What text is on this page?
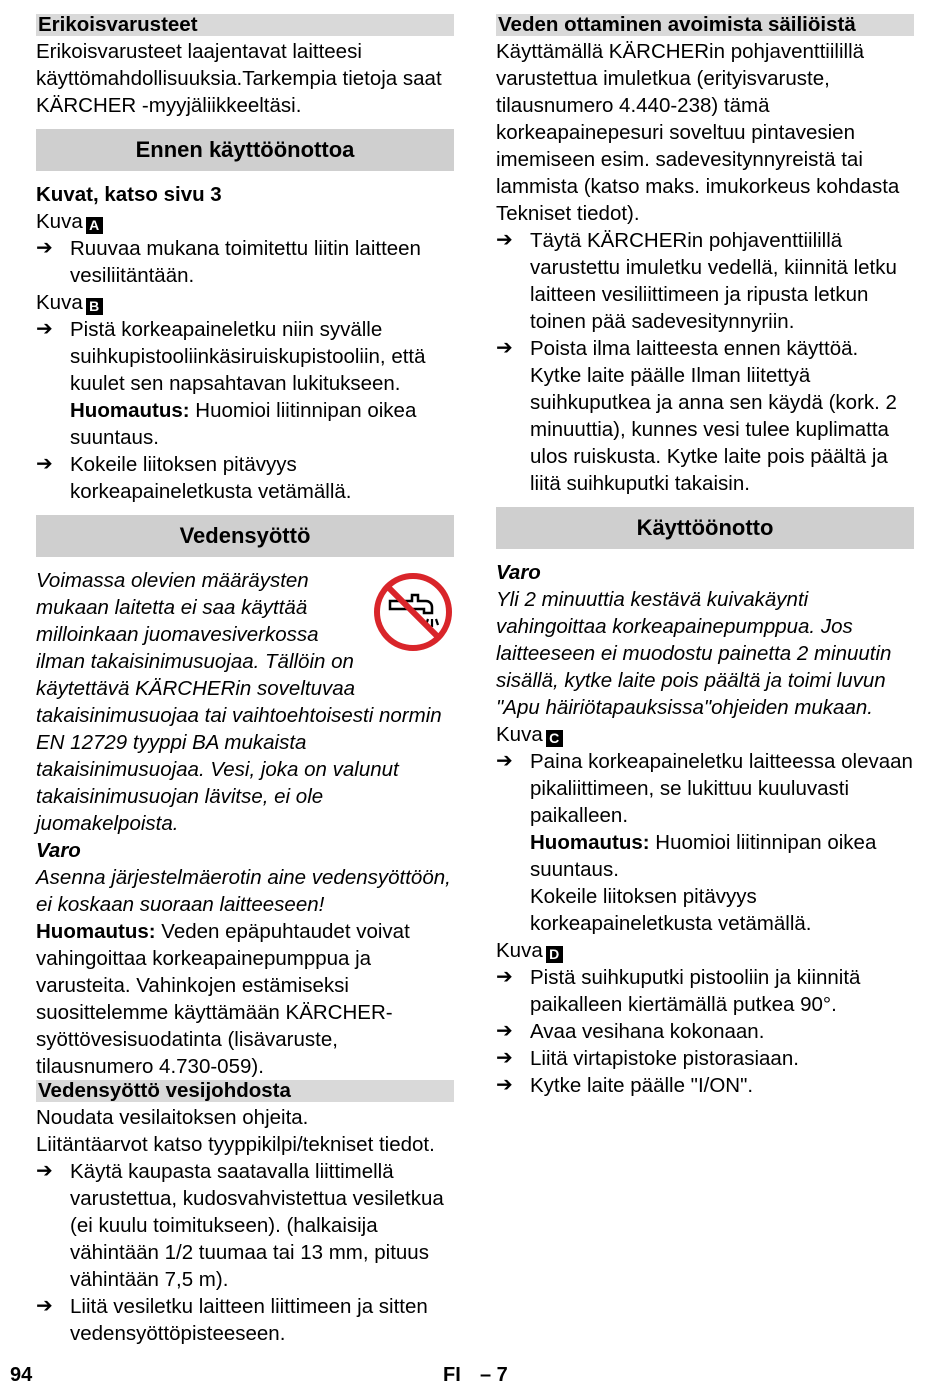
Erikoisvarusteet

Erikoisvarusteet laajentavat laitteesi käyttömahdollisuuksia.Tarkempia tietoja saat KÄRCHER -myyjäliikkeeltäsi.

Ennen käyttöönottoa
Kuvat, katso sivu 3
Kuva A
➔ Ruuvaa mukana toimitettu liitin laitteen vesiliitäntään.
Kuva B
➔ Pistä korkeapaineletku niin syvälle suihkupistooliinkäsiruiskupistooliin, että kuulet sen napsahtavan lukitukseen.
Huomautus: Huomioi liitinnipan oikea suuntaus.
➔ Kokeile liitoksen pitävyys korkeapaineletkusta vetämällä.
Vedensyöttö

Voimassa olevien määräysten mukaan laitetta ei saa käyttää milloinkaan juomavesiverkossa ilman takaisinimusuojaa. Tällöin on käytettävä KÄRCHERin soveltuvaa takaisinimusuojaa tai vaihtoehtoisesti normin EN 12729 tyyppi BA mukaista takaisinimusuojaa. Vesi, joka on valunut takaisinimusuojan lävitse, ei ole juomakelpoista.

Varo

Asenna järjestelmäerotin aine vedensyöttöön, ei koskaan suoraan laitteeseen!

Huomautus: Veden epäpuhtaudet voivat vahingoittaa korkeapainepumppua ja varusteita. Vahinkojen estämiseksi suosittelemme käyttämään KÄRCHER-syöttövesisuodatinta (lisävaruste, tilausnumero 4.730-059).

Vedensyöttö vesijohdosta

Noudata vesilaitoksen ohjeita.

Liitäntäarvot katso tyyppikilpi/tekniset tiedot.

➔ Käytä kaupasta saatavalla liittimellä varustettua, kudosvahvistettua vesiletkua (ei kuulu toimitukseen). (halkaisija vähintään 1/2 tuumaa tai 13 mm, pituus vähintään 7,5 m).
➔ Liitä vesiletku laitteen liittimeen ja sitten vedensyöttöpisteeseen.
Veden ottaminen avoimista säiliöistä

Käyttämällä KÄRCHERin pohjaventtiilillä varustettua imuletkua (erityisvaruste, tilausnumero 4.440-238) tämä korkeapainepesuri soveltuu pintavesien imemiseen esim. sadevesitynnyreistä tai lammista (katso maks. imukorkeus kohdasta Tekniset tiedot).

➔ Täytä KÄRCHERin pohjaventtiilillä varustettu imuletku vedellä, kiinnitä letku laitteen vesiliittimeen ja ripusta letkun toinen pää sadevesitynnyriin.
➔ Poista ilma laitteesta ennen käyttöä. Kytke laite päälle Ilman liitettyä suihkuputkea ja anna sen käydä (kork. 2 minuuttia), kunnes vesi tulee kuplimatta ulos ruiskusta. Kytke laite pois päältä ja liitä suihkuputki takaisin.
Käyttöönotto
Varo

Yli 2 minuuttia kestävä kuivakäynti vahingoittaa korkeapainepumppua. Jos laitteeseen ei muodostu painetta 2 minuutin sisällä, kytke laite pois päältä ja toimi luvun "Apu häiriötapauksissa"ohjeiden mukaan.

Kuva C
➔ Paina korkeapaineletku laitteessa olevaan pikaliittimeen, se lukittuu kuuluvasti paikalleen.
Huomautus: Huomioi liitinnipan oikea suuntaus.
Kokeile liitoksen pitävyys korkeapaineletkusta vetämällä.
Kuva D
➔ Pistä suihkuputki pistooliin ja kiinnitä paikalleen kiertämällä putkea 90°.
➔ Avaa vesihana kokonaan.
➔ Liitä virtapistoke pistorasiaan.
➔ Kytke laite päälle "I/ON".
94	FI – 7
